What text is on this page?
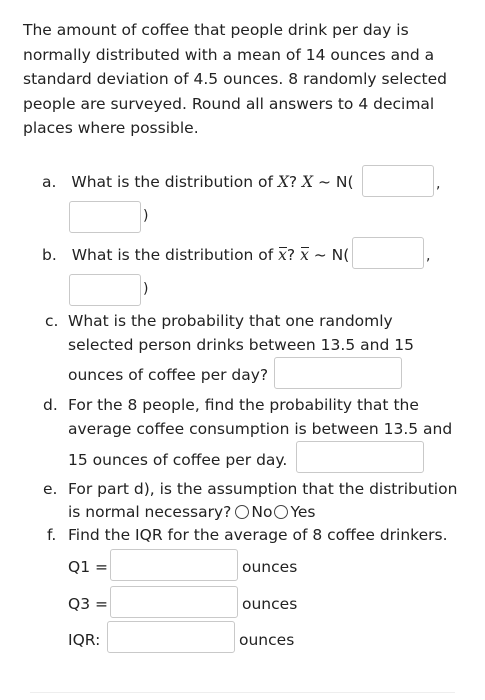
The amount of coffee that people drink per day is normally distributed with a mean of 14 ounces and a standard deviation of 4.5 ounces. 8 randomly selected people are surveyed. Round all answers to 4 decimal places where possible.

a. What is the distribution of X? X ~ N(	,
)
b. What is the distribution of x? x ~ N(	,
)
c. What is the probability that one randomly
selected person drinks between 13.5 and 15
ounces of coffee per day?
d. For the 8 people, find the probability that the
average coffee consumption is between 13.5 and
15 ounces of coffee per day.
e. For part d), is the assumption that the distribution
is normal necessary? No Yes
f. Find the IQR for the average of 8 coffee drinkers.
Q1 =	ounces
Q3 =	ounces
IQR:	ounces
